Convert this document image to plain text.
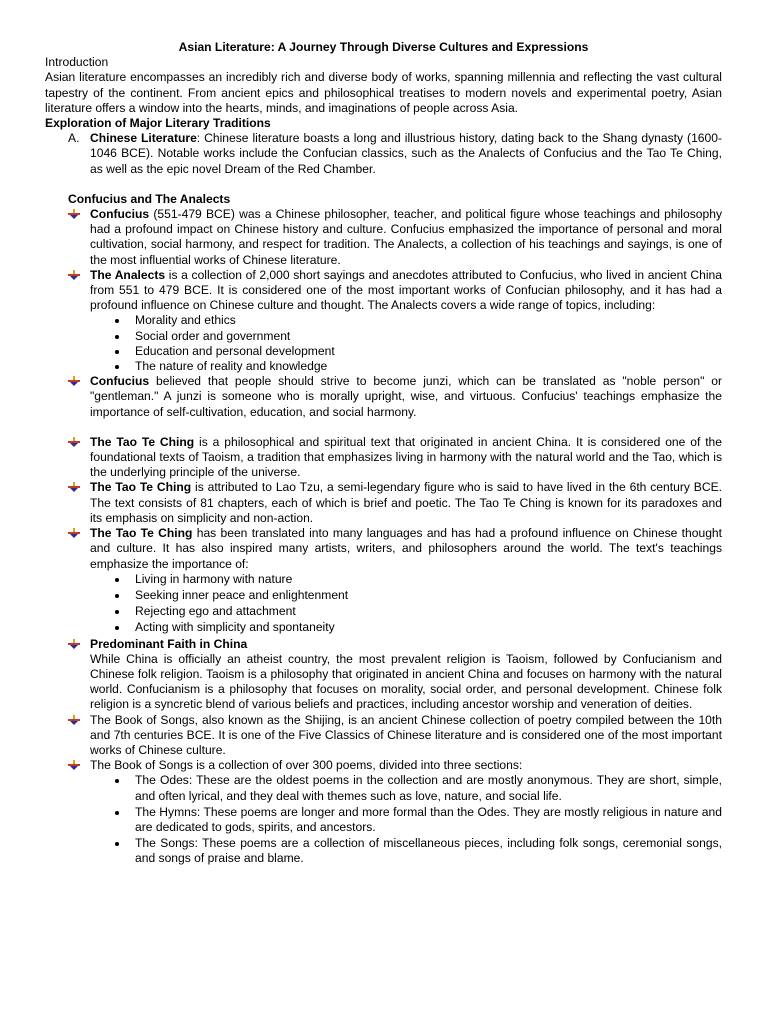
Asian Literature: A Journey Through Diverse Cultures and Expressions

Introduction

Asian literature encompasses an incredibly rich and diverse body of works, spanning millennia and reflecting the vast cultural tapestry of the continent. From ancient epics and philosophical treatises to modern novels and experimental poetry, Asian literature offers a window into the hearts, minds, and imaginations of people across Asia.

Exploration of Major Literary Traditions

A. Chinese Literature: Chinese literature boasts a long and illustrious history, dating back to the Shang dynasty (1600-1046 BCE). Notable works include the Confucian classics, such as the Analects of Confucius and the Tao Te Ching, as well as the epic novel Dream of the Red Chamber.

Confucius and The Analects

Confucius (551-479 BCE) was a Chinese philosopher, teacher, and political figure whose teachings and philosophy had a profound impact on Chinese history and culture. Confucius emphasized the importance of personal and moral cultivation, social harmony, and respect for tradition. The Analects, a collection of his teachings and sayings, is one of the most influential works of Chinese literature.
The Analects is a collection of 2,000 short sayings and anecdotes attributed to Confucius, who lived in ancient China from 551 to 479 BCE. It is considered one of the most important works of Confucian philosophy, and it has had a profound influence on Chinese culture and thought. The Analects covers a wide range of topics, including:
Morality and ethics
Social order and government
Education and personal development
The nature of reality and knowledge
Confucius believed that people should strive to become junzi, which can be translated as "noble person" or "gentleman." A junzi is someone who is morally upright, wise, and virtuous. Confucius' teachings emphasize the importance of self-cultivation, education, and social harmony.
The Tao Te Ching is a philosophical and spiritual text that originated in ancient China. It is considered one of the foundational texts of Taoism, a tradition that emphasizes living in harmony with the natural world and the Tao, which is the underlying principle of the universe.
The Tao Te Ching is attributed to Lao Tzu, a semi-legendary figure who is said to have lived in the 6th century BCE. The text consists of 81 chapters, each of which is brief and poetic. The Tao Te Ching is known for its paradoxes and its emphasis on simplicity and non-action.
The Tao Te Ching has been translated into many languages and has had a profound influence on Chinese thought and culture. It has also inspired many artists, writers, and philosophers around the world. The text's teachings emphasize the importance of:
Living in harmony with nature
Seeking inner peace and enlightenment
Rejecting ego and attachment
Acting with simplicity and spontaneity
Predominant Faith in China

While China is officially an atheist country, the most prevalent religion is Taoism, followed by Confucianism and Chinese folk religion. Taoism is a philosophy that originated in ancient China and focuses on harmony with the natural world. Confucianism is a philosophy that focuses on morality, social order, and personal development. Chinese folk religion is a syncretic blend of various beliefs and practices, including ancestor worship and veneration of deities.

The Book of Songs, also known as the Shijing, is an ancient Chinese collection of poetry compiled between the 10th and 7th centuries BCE. It is one of the Five Classics of Chinese literature and is considered one of the most important works of Chinese culture.
The Book of Songs is a collection of over 300 poems, divided into three sections:
The Odes: These are the oldest poems in the collection and are mostly anonymous. They are short, simple, and often lyrical, and they deal with themes such as love, nature, and social life.
The Hymns: These poems are longer and more formal than the Odes. They are mostly religious in nature and are dedicated to gods, spirits, and ancestors.
The Songs: These poems are a collection of miscellaneous pieces, including folk songs, ceremonial songs, and songs of praise and blame.
